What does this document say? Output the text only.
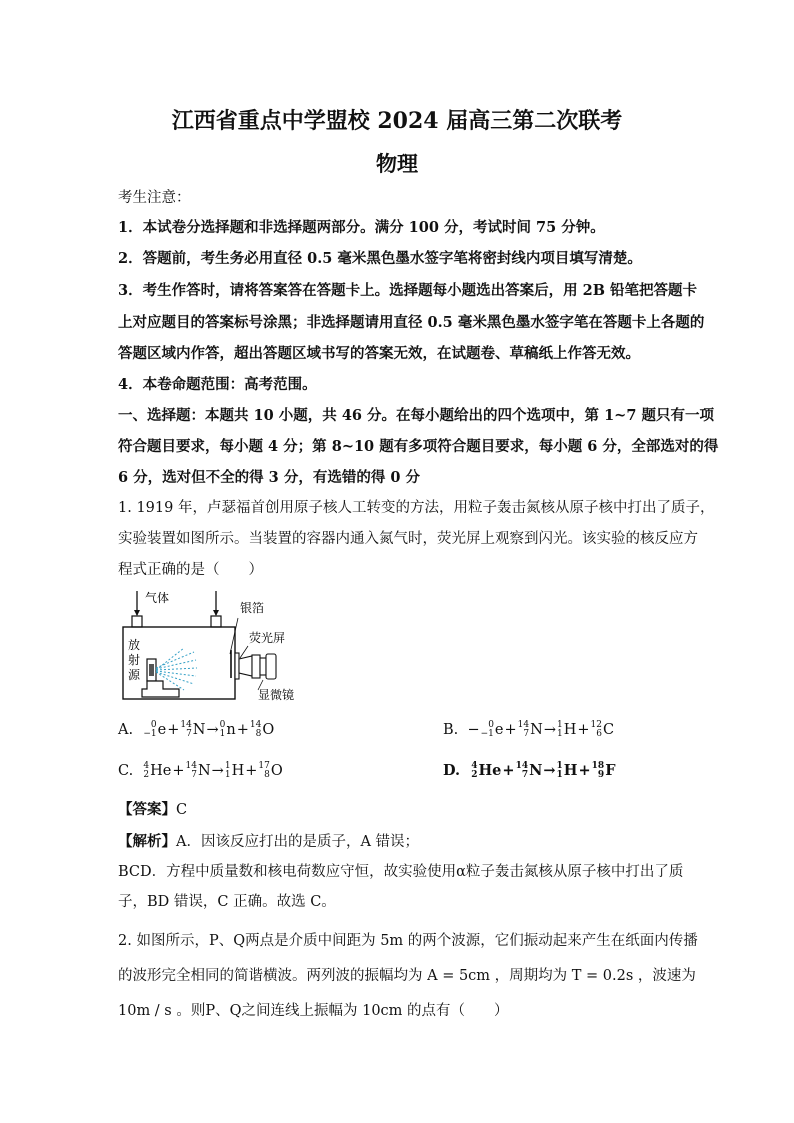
江西省重点中学盟校 2024 届高三第二次联考
物理
考生注意：
1．本试卷分选择题和非选择题两部分。满分 100 分，考试时间 75 分钟。
2．答题前，考生务必用直径 0.5 毫米黑色墨水签字笔将密封线内项目填写清楚。
3．考生作答时，请将答案答在答题卡上。选择题每小题选出答案后，用 2B 铅笔把答题卡
上对应题目的答案标号涂黑；非选择题请用直径 0.5 毫米黑色墨水签字笔在答题卡上各题的
答题区域内作答，超出答题区域书写的答案无效，在试题卷、草稿纸上作答无效。
4．本卷命题范围：高考范围。
一、选择题：本题共 10 小题，共 46 分。在每小题给出的四个选项中，第 1~7 题只有一项
符合题目要求，每小题 4 分；第 8~10 题有多项符合题目要求，每小题 6 分，全部选对的得
6 分，选对但不全的得 3 分，有选错的得 0 分
1. 1919 年，卢瑟福首创用原子核人工转变的方法，用粒子轰击氮核从原子核中打出了质子，
实验装置如图所示。当装置的容器内通入氮气时，荧光屏上观察到闪光。该实验的核反应方
程式正确的是（　　）
气体
银箔
荧光屏
显微镜
放
射
源
A. 0
−1 e + 14
7 N → 0
1 n + 14
8 O	B. − 0
−1 e + 14
7 N → 1
1 H + 12
6 C
C. 4
2 He + 14
7 N → 1
1 H + 17
8 O	D. 4
2 He + 14
7 N → 1
1 H + 18
9 F
【答案】C
【解析】A．因该反应打出的是质子，A 错误；
BCD．方程中质量数和核电荷数应守恒，故实验使用α粒子轰击氮核从原子核中打出了质
子，BD 错误，C 正确。故选 C。
2. 如图所示，P、Q两点是介质中间距为 5m 的两个波源，它们振动起来产生在纸面内传播
的波形完全相同的简谐横波。两列波的振幅均为 A = 5cm ，周期均为 T = 0.2s ，波速为
10m / s 。则P、Q之间连线上振幅为 10cm 的点有（　　）
